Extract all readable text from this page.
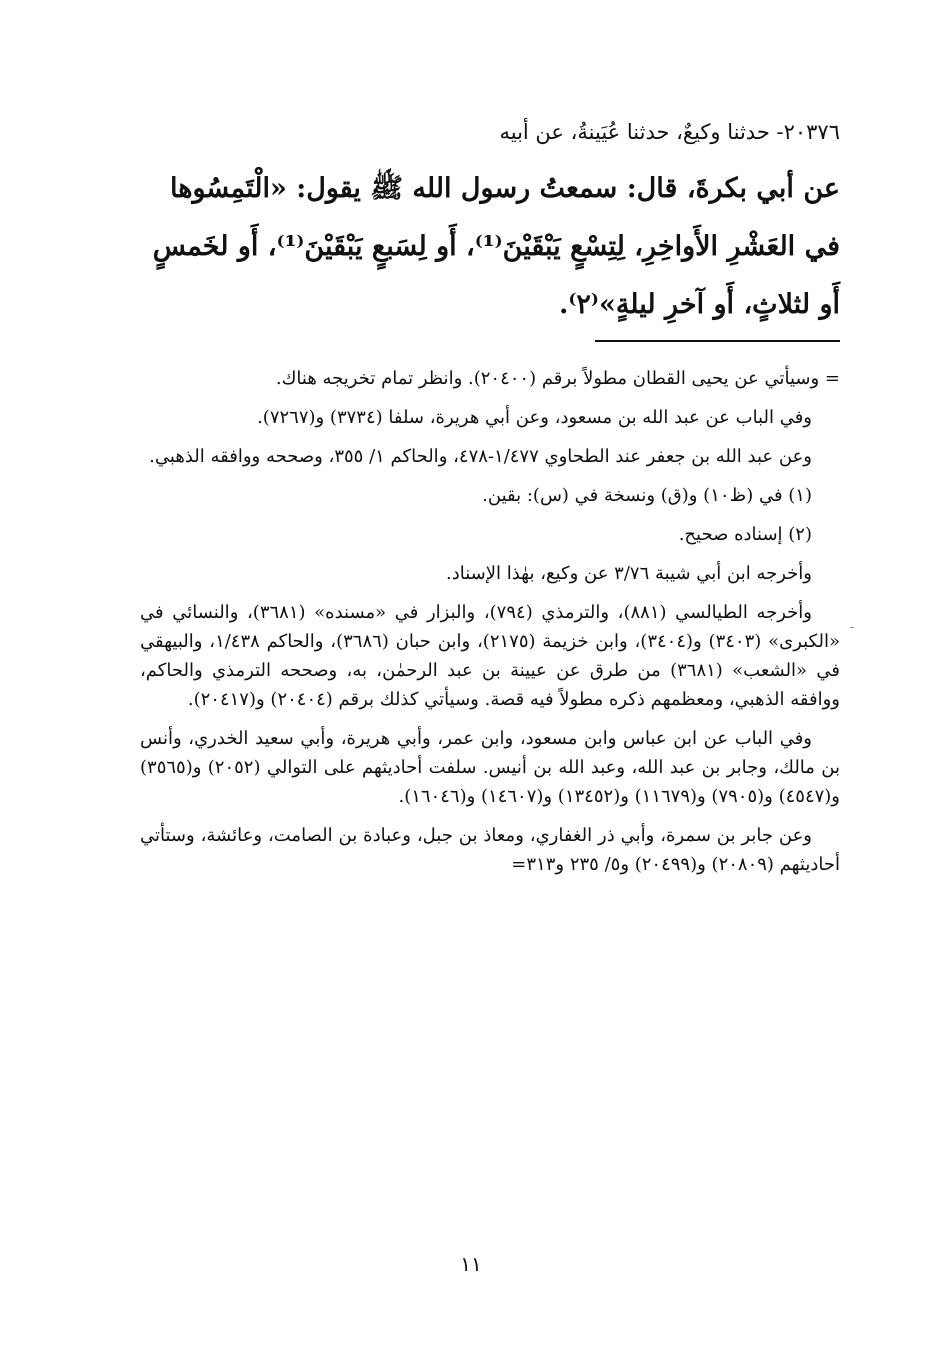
٢٠٣٧٦- حدثنا وكيعٌ، حدثنا عُيَينةُ، عن أبيه

عن أبي بكرةَ، قال: سمعتُ رسول الله ﷺ يقول: «الْتَمِسُوها

في العَشْرِ الأَواخِرِ، لِتِسْعٍ يَبْقَيْنَ⁽¹⁾، أَو لِسَبعٍ يَبْقَيْنَ⁽¹⁾، أَو لخَمسٍ

أَو لثلاثٍ، أَو آخرِ ليلةٍ»⁽٢⁾.

= وسيأتي عن يحيى القطان مطولاً برقم (٢٠٤٠٠). وانظر تمام تخريجه هناك.

وفي الباب عن عبد الله بن مسعود، وعن أبي هريرة، سلفا (٣٧٣٤) و(٧٢٦٧).

وعن عبد الله بن جعفر عند الطحاوي ١/٤٧٧-٤٧٨، والحاكم ١/ ٣٥٥، وصححه ووافقه الذهبي.

(١) في (ظ١٠) و(ق) ونسخة في (س): بقين.

(٢) إسناده صحيح.

وأخرجه ابن أبي شيبة ٣/٧٦ عن وكيع، بهٰذا الإسناد.

وأخرجه الطيالسي (٨٨١)، والترمذي (٧٩٤)، والبزار في «مسنده» (٣٦٨١)، والنسائي في «الكبرى» (٣٤٠٣) و(٣٤٠٤)، وابن خزيمة (٢١٧٥)، وابن حبان (٣٦٨٦)، والحاكم ١/٤٣٨، والبيهقي في «الشعب» (٣٦٨١) من طرق عن عيينة بن عبد الرحمٰن، به، وصححه الترمذي والحاكم، ووافقه الذهبي، ومعظمهم ذكره مطولاً فيه قصة. وسيأتي كذلك برقم (٢٠٤٠٤) و(٢٠٤١٧).

وفي الباب عن ابن عباس وابن مسعود، وابن عمر، وأبي هريرة، وأبي سعيد الخدري، وأنس بن مالك، وجابر بن عبد الله، وعبد الله بن أنيس. سلفت أحاديثهم على التوالي (٢٠٥٢) و(٣٥٦٥) و(٤٥٤٧) و(٧٩٠٥) و(١١٦٧٩) و(١٣٤٥٢) و(١٤٦٠٧) و(١٦٠٤٦).

وعن جابر بن سمرة، وأبي ذر الغفاري، ومعاذ بن جبل، وعبادة بن الصامت، وعائشة، وستأتي أحاديثهم (٢٠٨٠٩) و(٢٠٤٩٩) و٥/ ٢٣٥ و٣١٣=

-
١١
